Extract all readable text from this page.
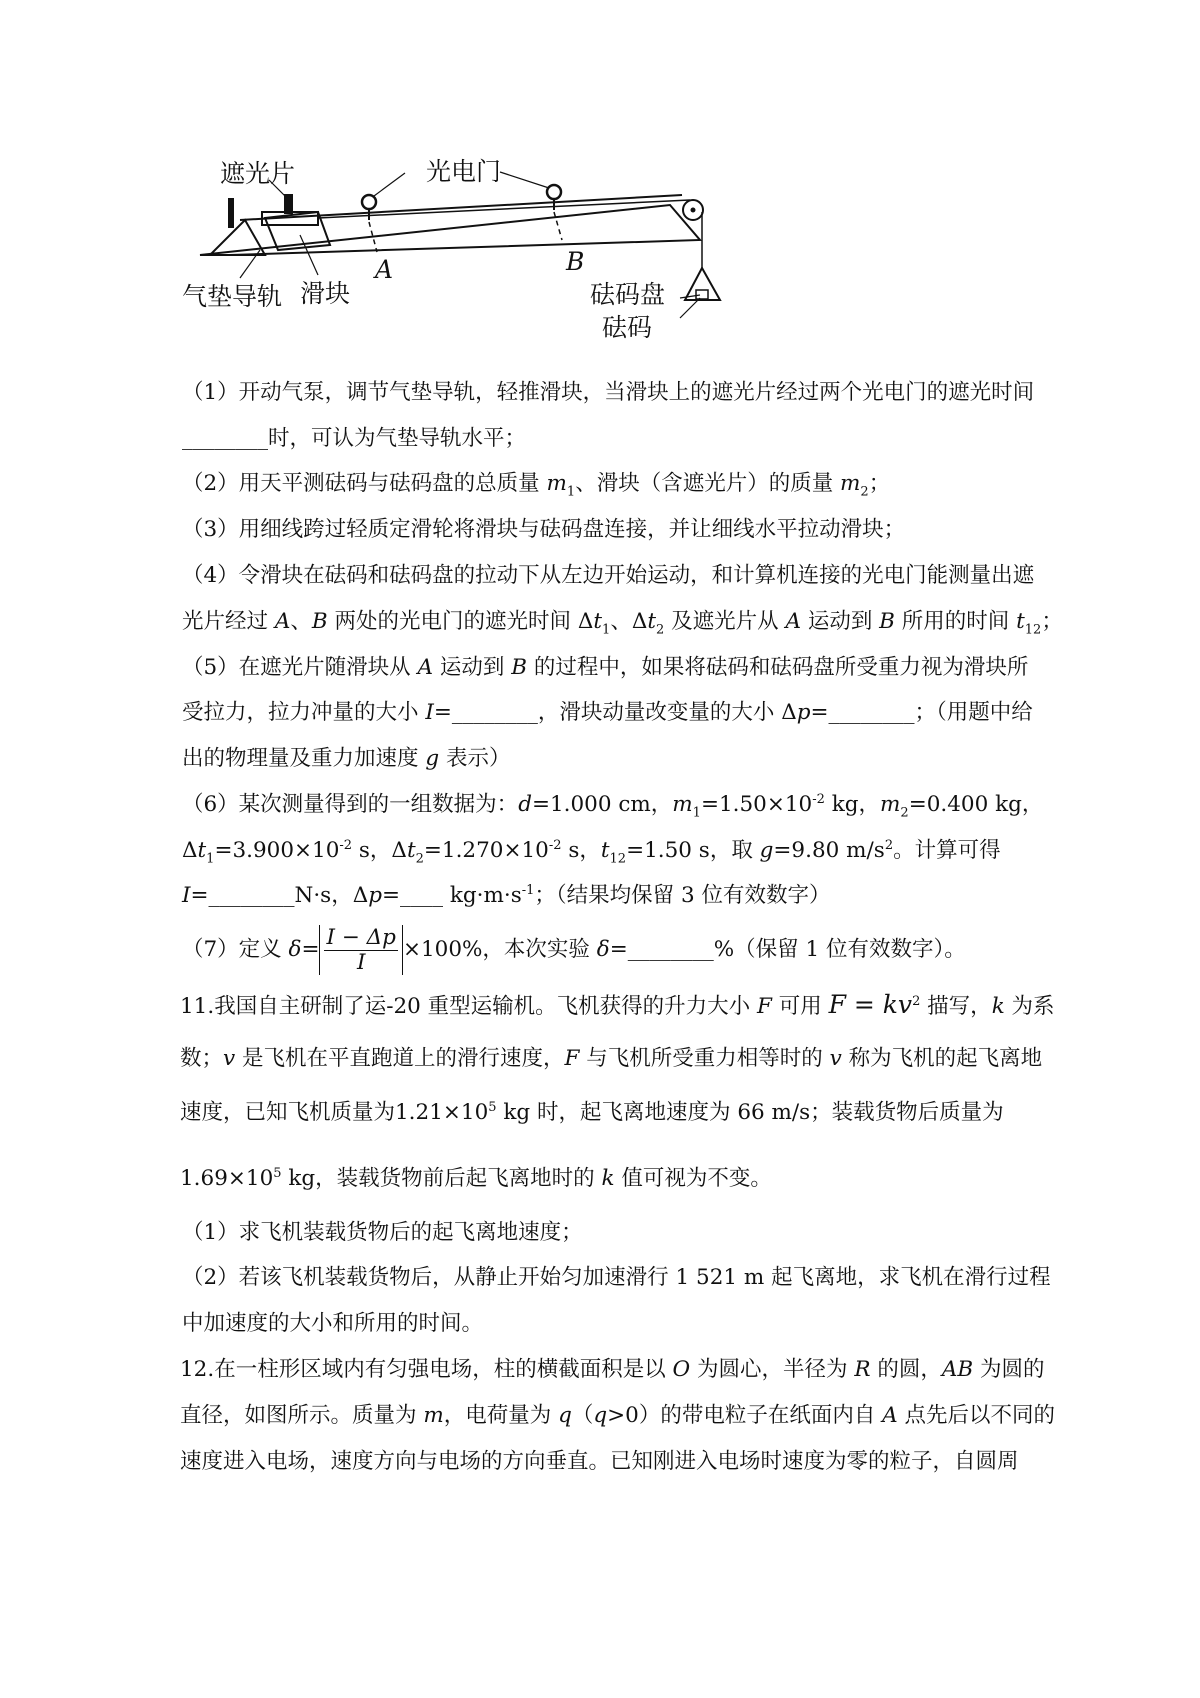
遮光片	光电门
气垫导轨 滑块
A	B
砝码盘
砝码
（1）开动气泵，调节气垫导轨，轻推滑块，当滑块上的遮光片经过两个光电门的遮光时间
________时，可认为气垫导轨水平；
（2）用天平测砝码与砝码盘的总质量 $m_1$、滑块（含遮光片）的质量 $m_2$；
（3）用细线跨过轻质定滑轮将滑块与砝码盘连接，并让细线水平拉动滑块；
（4）令滑块在砝码和砝码盘的拉动下从左边开始运动，和计算机连接的光电门能测量出遮
光片经过 A、B 两处的光电门的遮光时间 $\Delta t_1$、$\Delta t_2$ 及遮光片从 A 运动到 B 所用的时间 $t_{12}$；
（5）在遮光片随滑块从 A 运动到 B 的过程中，如果将砝码和砝码盘所受重力视为滑块所
受拉力，拉力冲量的大小 I=________，滑块动量改变量的大小 Δp=________；（用题中给
出的物理量及重力加速度 g 表示）
（6）某次测量得到的一组数据为：d=1.000 cm，$m_1=1.50\times 10^{-2}$ kg，$m_2=0.400$ kg，
$\Delta t_1=3.900\times 10^{-2}$ s，$\Delta t_2=1.270\times 10^{-2}$ s，$t_{12}=1.50$ s，取 g=9.80 $m/s^2$。计算可得
I=________N·s，Δp=____ $kg\cdot m\cdot s^{-1}$；（结果均保留 3 位有效数字）
（7）定义 $\delta= \frac{I - \Delta p}{I} \times 100\%$，本次实验 δ=________%（保留 1 位有效数字）。
11.我国自主研制了运-20 重型运输机。飞机获得的升力大小 F 可用 $F = kv^2$ 描写，k 为系
数；v 是飞机在平直跑道上的滑行速度，F 与飞机所受重力相等时的 v 称为飞机的起飞离地
速度，已知飞机质量为$1.21\times 10^5$ kg 时，起飞离地速度为 66 m/s；装载货物后质量为
$1.69\times 10^5$ kg，装载货物前后起飞离地时的 k 值可视为不变。
（1）求飞机装载货物后的起飞离地速度；
（2）若该飞机装载货物后，从静止开始匀加速滑行 1 521 m 起飞离地，求飞机在滑行过程
中加速度的大小和所用的时间。
12.在一柱形区域内有匀强电场，柱的横截面积是以 O 为圆心，半径为 R 的圆，AB 为圆的
直径，如图所示。质量为 m，电荷量为 q（q>0）的带电粒子在纸面内自 A 点先后以不同的
速度进入电场，速度方向与电场的方向垂直。已知刚进入电场时速度为零的粒子，自圆周
